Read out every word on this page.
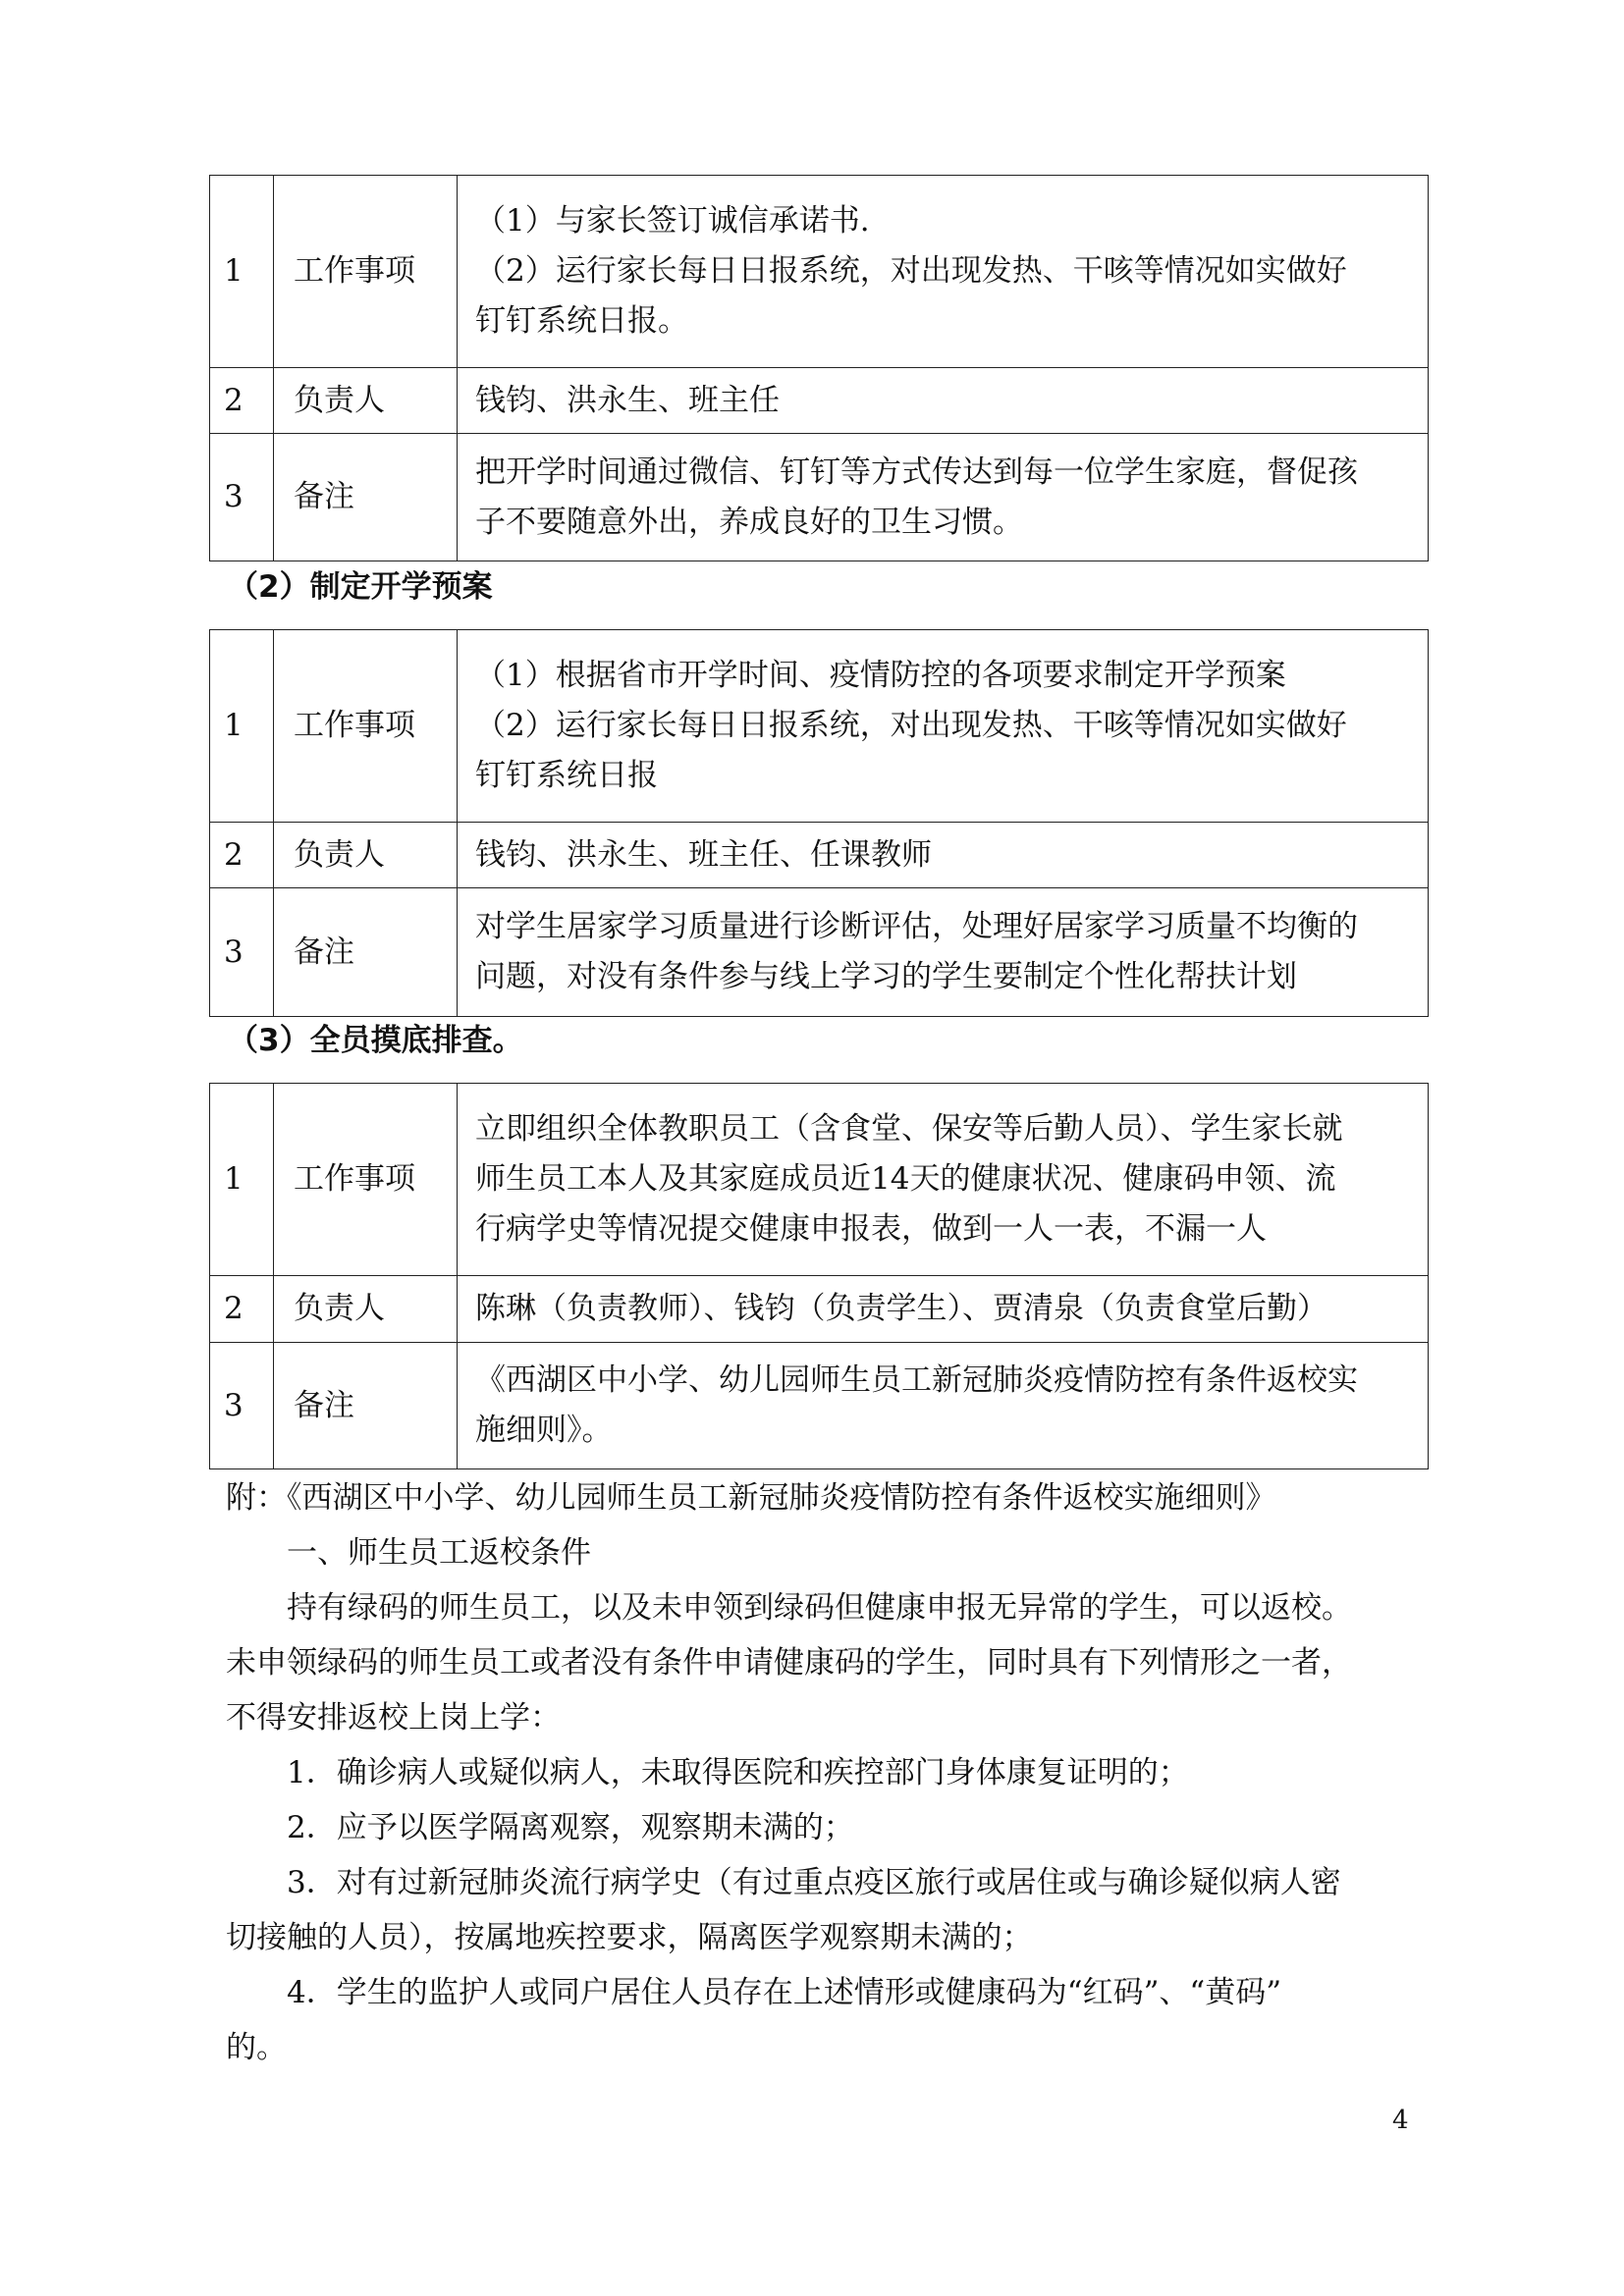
1	工作事项	（1）与家长签订诚信承诺书.
（2）运行家长每日日报系统，对出现发热、干咳等情况如实做好
钉钉系统日报。

2	负责人	钱钧、洪永生、班主任

3	备注	把开学时间通过微信、钉钉等方式传达到每一位学生家庭，督促孩
子不要随意外出，养成良好的卫生习惯。
（2）制定开学预案
1	工作事项	（1）根据省市开学时间、疫情防控的各项要求制定开学预案
（2）运行家长每日日报系统，对出现发热、干咳等情况如实做好
钉钉系统日报

2	负责人	钱钧、洪永生、班主任、任课教师

3	备注	对学生居家学习质量进行诊断评估，处理好居家学习质量不均衡的
问题，对没有条件参与线上学习的学生要制定个性化帮扶计划
（3）全员摸底排查。
1	工作事项	立即组织全体教职员工（含食堂、保安等后勤人员）、学生家长就
师生员工本人及其家庭成员近14天的健康状况、健康码申领、流
行病学史等情况提交健康申报表，做到一人一表，不漏一人

2	负责人	陈琳（负责教师）、钱钧（负责学生）、贾清泉（负责食堂后勤）

3	备注	《西湖区中小学、幼儿园师生员工新冠肺炎疫情防控有条件返校实
施细则》。
附：《西湖区中小学、幼儿园师生员工新冠肺炎疫情防控有条件返校实施细则》
一、师生员工返校条件
持有绿码的师生员工，以及未申领到绿码但健康申报无异常的学生，可以返校。
未申领绿码的师生员工或者没有条件申请健康码的学生，同时具有下列情形之一者，
不得安排返校上岗上学：
1．确诊病人或疑似病人，未取得医院和疾控部门身体康复证明的；
2．应予以医学隔离观察，观察期未满的；
3．对有过新冠肺炎流行病学史（有过重点疫区旅行或居住或与确诊疑似病人密
切接触的人员），按属地疾控要求，隔离医学观察期未满的；
4．学生的监护人或同户居住人员存在上述情形或健康码为“红码”、“黄码”
的。
4
